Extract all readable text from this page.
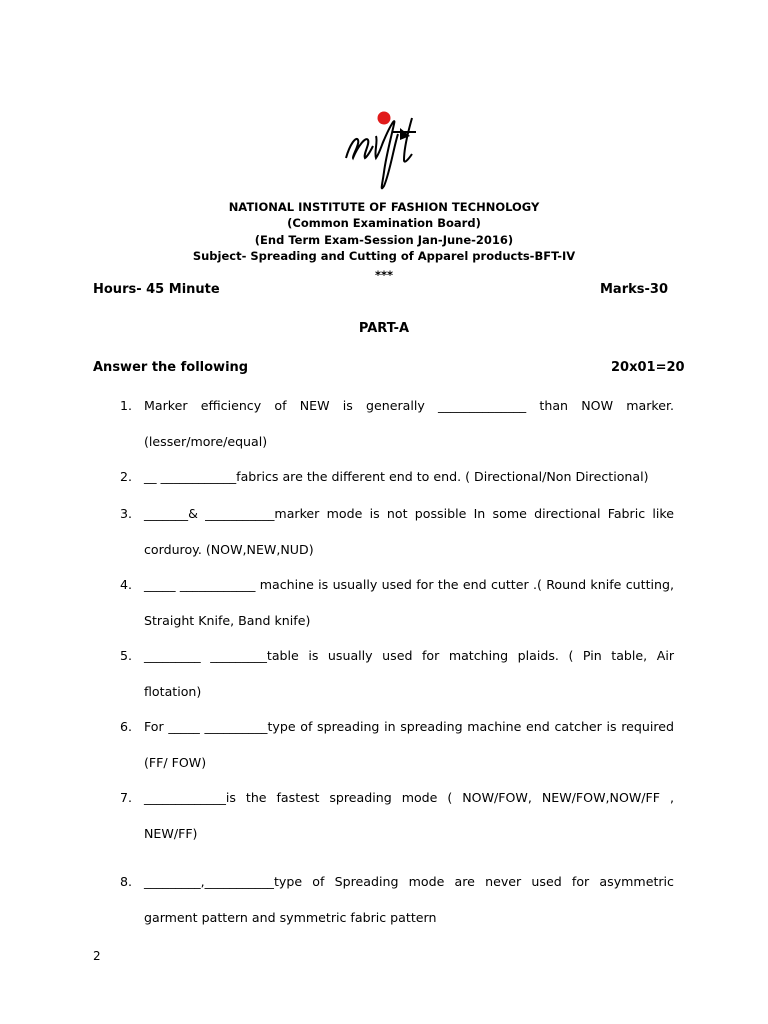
NATIONAL INSTITUTE OF FASHION TECHNOLOGY
(Common Examination Board)
(End Term Exam-Session Jan-June-2016)
Subject- Spreading and Cutting of Apparel products-BFT-IV
***
Hours- 45 Minute	Marks-30
PART-A
Answer the following	20x01=20
1. Marker efficiency of NEW is generally ______________ than NOW marker. (lesser/more/equal)
2. __ ____________fabrics are the different end to end. ( Directional/Non Directional)
3. _______& ___________marker mode is not possible In some directional Fabric like corduroy. (NOW,NEW,NUD)
4. _____ ____________ machine is usually used for the end cutter .( Round knife cutting, Straight Knife, Band knife)
5. _________ _________table is usually used for matching plaids. ( Pin table, Air flotation)
6. For _____ __________type of spreading in spreading machine end catcher is required (FF/ FOW)
7. _____________is the fastest spreading mode ( NOW/FOW, NEW/FOW,NOW/FF , NEW/FF)
8. _________,___________type of Spreading mode are never used for asymmetric garment pattern and symmetric fabric pattern
2
